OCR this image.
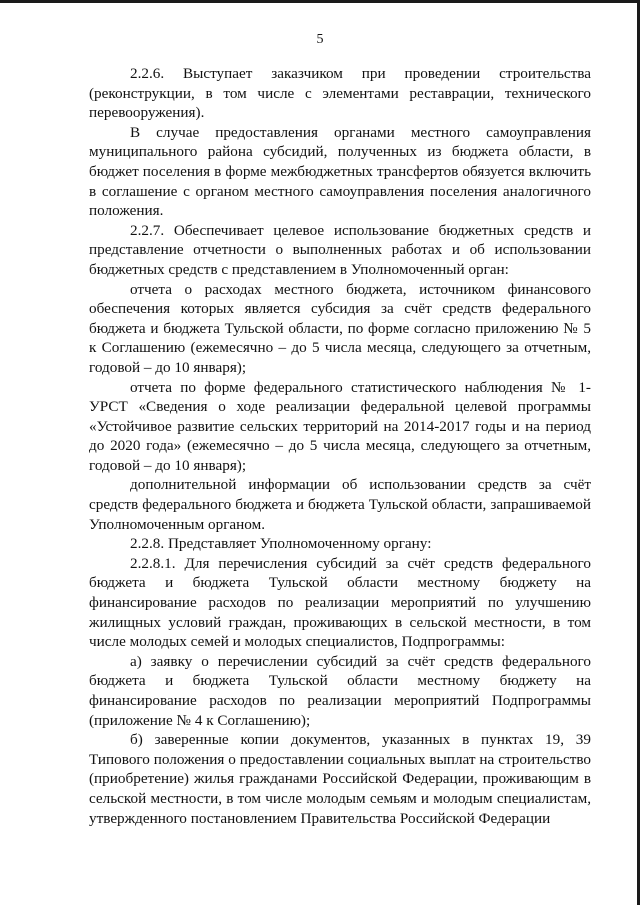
5

2.2.6. Выступает заказчиком при проведении строительства (реконструкции, в том числе с элементами реставрации, технического перевооружения).

В случае предоставления органами местного самоуправления муниципального района субсидий, полученных из бюджета области, в бюджет поселения в форме межбюджетных трансфертов обязуется включить в соглашение с органом местного самоуправления поселения аналогичного положения.

2.2.7. Обеспечивает целевое использование бюджетных средств и представление отчетности о выполненных работах и об использовании бюджетных средств с представлением в Уполномоченный орган:

отчета о расходах местного бюджета, источником финансового обеспечения которых является субсидия за счёт средств федерального бюджета и бюджета Тульской области, по форме согласно приложению № 5 к Соглашению (ежемесячно – до 5 числа месяца, следующего за отчетным, годовой – до 10 января);

отчета по форме федерального статистического наблюдения № 1-УРСТ «Сведения о ходе реализации федеральной целевой программы «Устойчивое развитие сельских территорий на 2014-2017 годы и на период до 2020 года» (ежемесячно – до 5 числа месяца, следующего за отчетным, годовой – до 10 января);

дополнительной информации об использовании средств за счёт средств федерального бюджета и бюджета Тульской области, запрашиваемой Уполномоченным органом.

2.2.8. Представляет Уполномоченному органу:

2.2.8.1. Для перечисления субсидий за счёт средств федерального бюджета и бюджета Тульской области местному бюджету на финансирование расходов по реализации мероприятий по улучшению жилищных условий граждан, проживающих в сельской местности, в том числе молодых семей и молодых специалистов, Подпрограммы:

а) заявку о перечислении субсидий за счёт средств федерального бюджета и бюджета Тульской области местному бюджету на финансирование расходов по реализации мероприятий Подпрограммы (приложение № 4 к Соглашению);

б) заверенные копии документов, указанных в пунктах 19, 39 Типового положения о предоставлении социальных выплат на строительство (приобретение) жилья гражданами Российской Федерации, проживающим в сельской местности, в том числе молодым семьям и молодым специалистам, утвержденного постановлением Правительства Российской Федерации
